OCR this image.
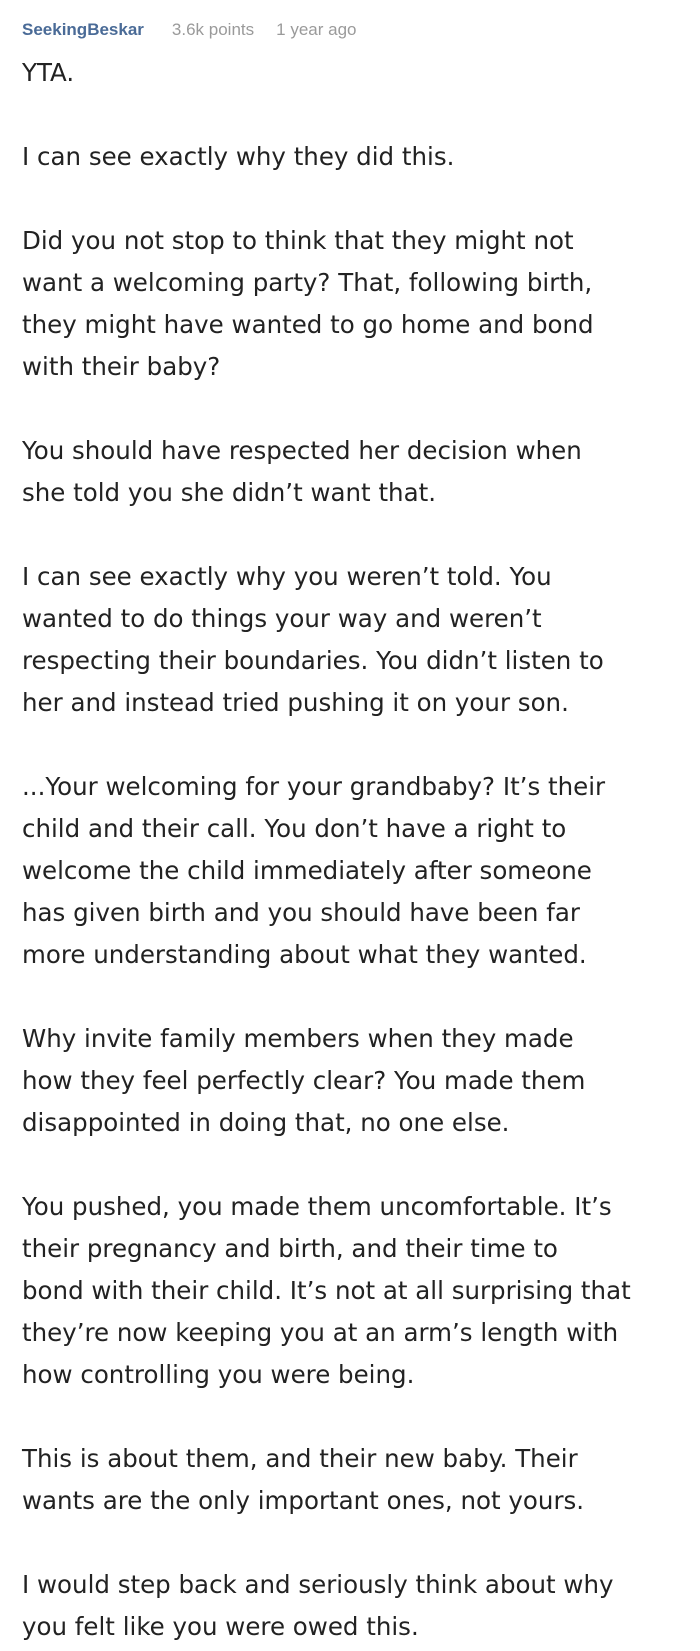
SeekingBeskar 3.6k points 1 year ago

YTA.

I can see exactly why they did this.

Did you not stop to think that they might not
want a welcoming party? That, following birth,
they might have wanted to go home and bond
with their baby?

You should have respected her decision when
she told you she didn’t want that.

I can see exactly why you weren’t told. You
wanted to do things your way and weren’t
respecting their boundaries. You didn’t listen to
her and instead tried pushing it on your son.

...Your welcoming for your grandbaby? It’s their
child and their call. You don’t have a right to
welcome the child immediately after someone
has given birth and you should have been far
more understanding about what they wanted.

Why invite family members when they made
how they feel perfectly clear? You made them
disappointed in doing that, no one else.

You pushed, you made them uncomfortable. It’s
their pregnancy and birth, and their time to
bond with their child. It’s not at all surprising that
they’re now keeping you at an arm’s length with
how controlling you were being.

This is about them, and their new baby. Their
wants are the only important ones, not yours.

I would step back and seriously think about why
you felt like you were owed this.
